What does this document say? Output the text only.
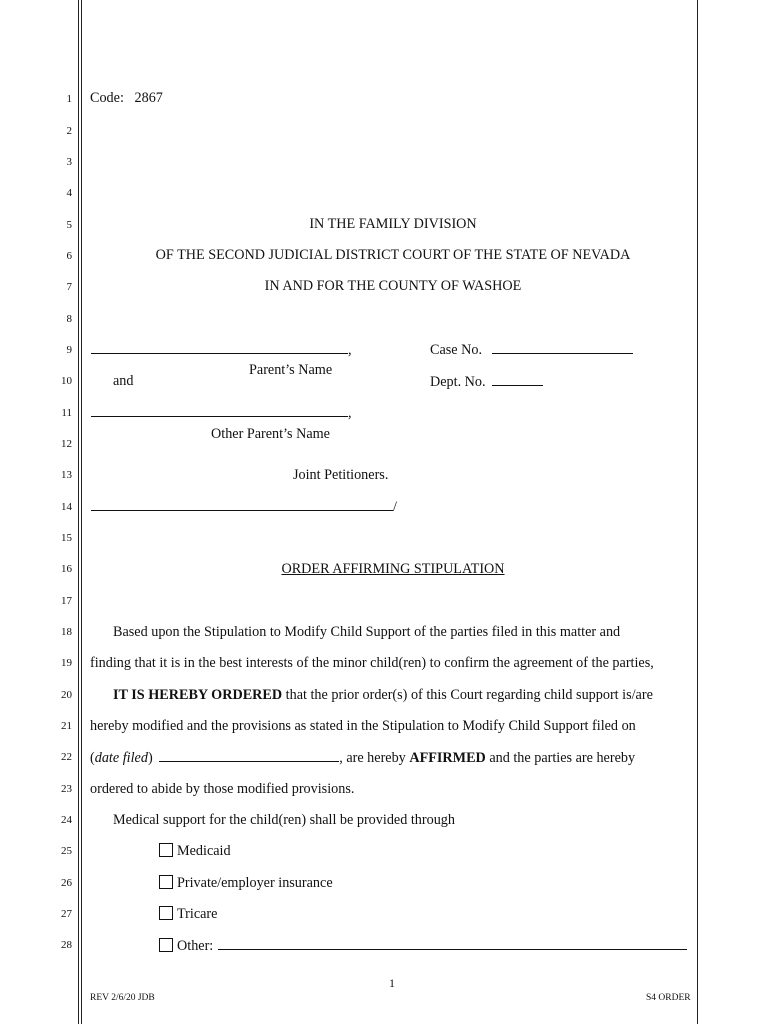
1
2
3
4
5
6
7
8
9
10
11
12
13
14
15
16
17
18
19
20
21
22
23
24
25
26
27
28
Code:   2867
IN THE FAMILY DIVISION
OF THE SECOND JUDICIAL DISTRICT COURT OF THE STATE OF NEVADA
IN AND FOR THE COUNTY OF WASHOE
,
Parent’s Name
and
,
Other Parent’s Name
Joint Petitioners.
/
Case No.
Dept. No.
ORDER AFFIRMING STIPULATION
Based upon the Stipulation to Modify Child Support of the parties filed in this matter and
finding that it is in the best interests of the minor child(ren) to confirm the agreement of the parties,
IT IS HEREBY ORDERED that the prior order(s) of this Court regarding child support is/are
hereby modified and the provisions as stated in the Stipulation to Modify Child Support filed on
(date filed)	, are hereby AFFIRMED and the parties are hereby
ordered to abide by those modified provisions.
Medical support for the child(ren) shall be provided through
Medicaid
Private/employer insurance
Tricare
Other:
1
REV 2/6/20 JDB	S4 ORDER
